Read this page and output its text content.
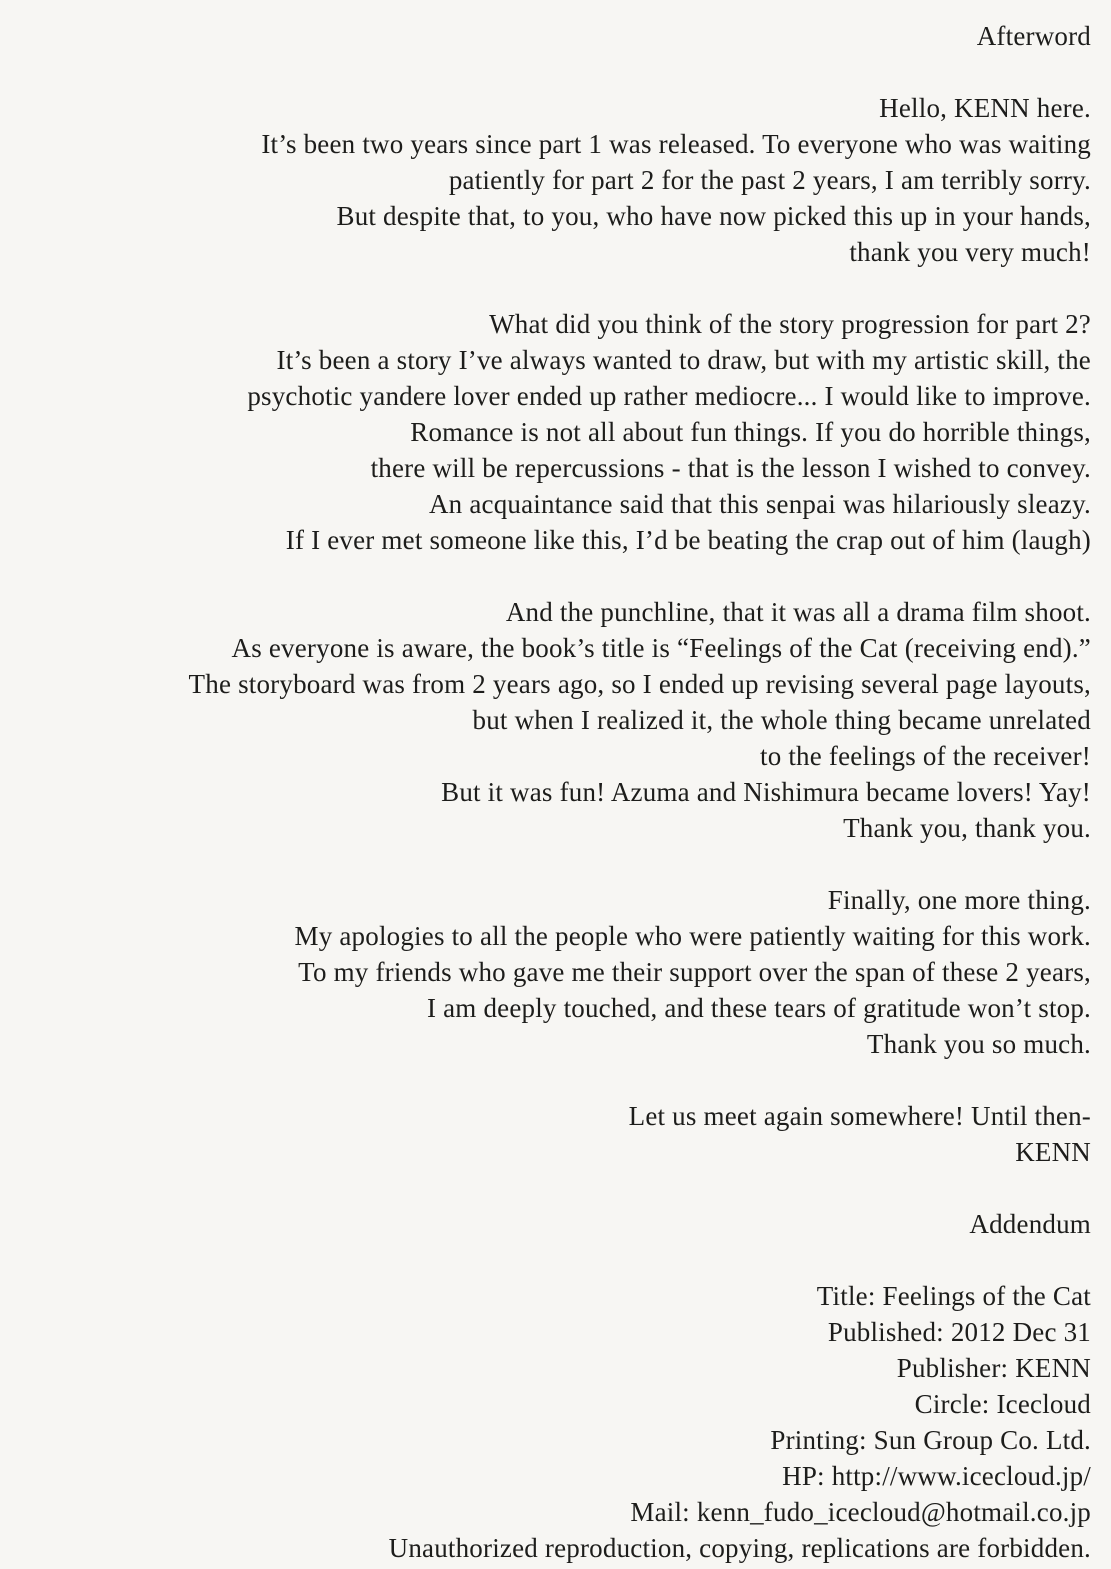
Afterword
Hello, KENN here.
It’s been two years since part 1 was released. To everyone who was waiting
patiently for part 2 for the past 2 years, I am terribly sorry.
But despite that, to you, who have now picked this up in your hands,
thank you very much!
What did you think of the story progression for part 2?
It’s been a story I’ve always wanted to draw, but with my artistic skill, the
psychotic yandere lover ended up rather mediocre... I would like to improve.
Romance is not all about fun things. If you do horrible things,
there will be repercussions - that is the lesson I wished to convey.
An acquaintance said that this senpai was hilariously sleazy.
If I ever met someone like this, I’d be beating the crap out of him (laugh)
And the punchline, that it was all a drama film shoot.
As everyone is aware, the book’s title is “Feelings of the Cat (receiving end).”
The storyboard was from 2 years ago, so I ended up revising several page layouts,
but when I realized it, the whole thing became unrelated
to the feelings of the receiver!
But it was fun! Azuma and Nishimura became lovers! Yay!
Thank you, thank you.
Finally, one more thing.
My apologies to all the people who were patiently waiting for this work.
To my friends who gave me their support over the span of these 2 years,
I am deeply touched, and these tears of gratitude won’t stop.
Thank you so much.
Let us meet again somewhere! Until then-
KENN
Addendum
Title: Feelings of the Cat
Published: 2012 Dec 31
Publisher: KENN
Circle: Icecloud
Printing: Sun Group Co. Ltd.
HP: http://www.icecloud.jp/
Mail: kenn_fudo_icecloud@hotmail.co.jp
Unauthorized reproduction, copying, replications are forbidden.
